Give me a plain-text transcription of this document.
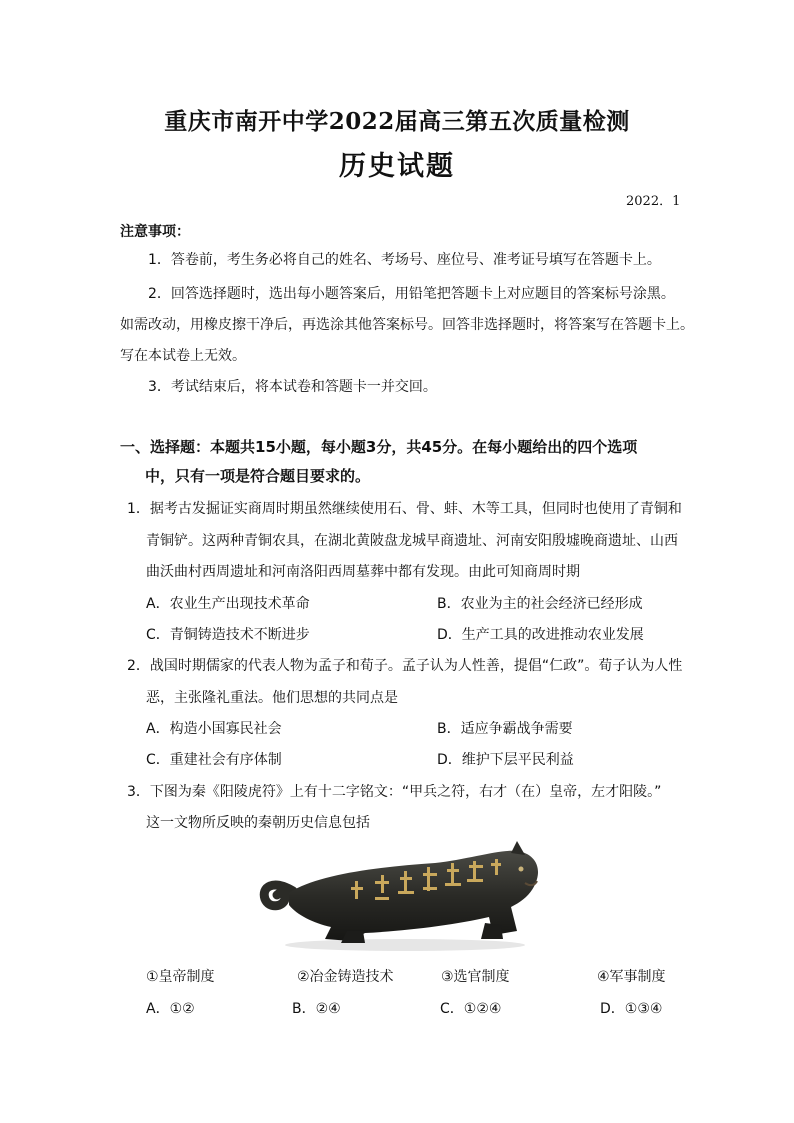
重庆市南开中学2022届高三第五次质量检测
历史试题
2022．1
注意事项：
1．答卷前，考生务必将自己的姓名、考场号、座位号、准考证号填写在答题卡上。
2．回答选择题时，选出每小题答案后，用铅笔把答题卡上对应题目的答案标号涂黑。
如需改动，用橡皮擦干净后，再选涂其他答案标号。回答非选择题时，将答案写在答题卡上。
写在本试卷上无效。
3．考试结束后，将本试卷和答题卡一并交回。
一、选择题：本题共15小题，每小题3分，共45分。在每小题给出的四个选项
中，只有一项是符合题目要求的。
1．据考古发掘证实商周时期虽然继续使用石、骨、蚌、木等工具，但同时也使用了青铜和
青铜铲。这两种青铜农具，在湖北黄陂盘龙城早商遗址、河南安阳殷墟晚商遗址、山西
曲沃曲村西周遗址和河南洛阳西周墓葬中都有发现。由此可知商周时期
A．农业生产出现技术革命	B．农业为主的社会经济已经形成
C．青铜铸造技术不断进步	D．生产工具的改进推动农业发展
2．战国时期儒家的代表人物为孟子和荀子。孟子认为人性善，提倡“仁政”。荀子认为人性
恶，主张隆礼重法。他们思想的共同点是
A．构造小国寡民社会	B．适应争霸战争需要
C．重建社会有序体制	D．维护下层平民利益
3．下图为秦《阳陵虎符》上有十二字铭文：“甲兵之符，右才（在）皇帝，左才阳陵。”
这一文物所反映的秦朝历史信息包括
①皇帝制度	②冶金铸造技术	③选官制度	④军事制度
A．①②	B．②④	C．①②④	D．①③④
